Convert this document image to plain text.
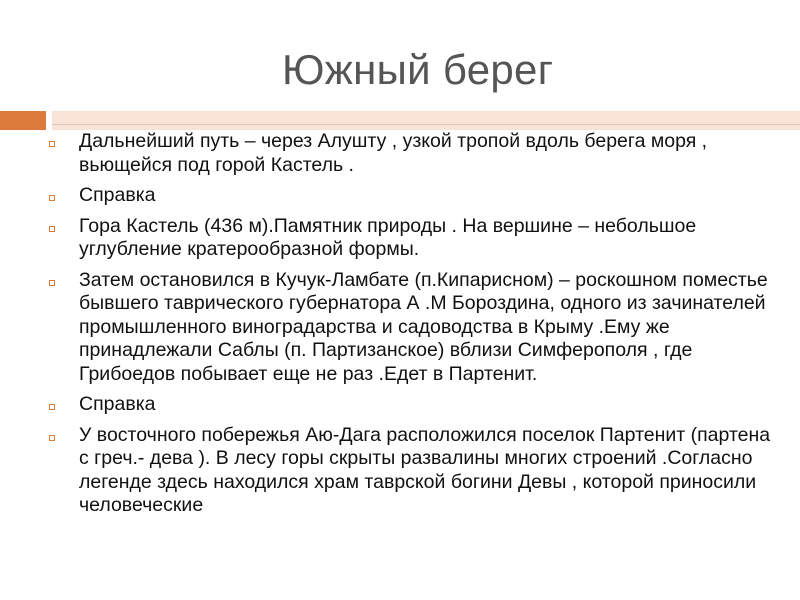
Южный берег
Дальнейший путь – через Алушту , узкой тропой вдоль берега моря , вьющейся под горой Кастель .
Справка
Гора Кастель (436 м).Памятник природы . На вершине – небольшое углубление кратерообразной формы.
Затем остановился в Кучук-Ламбате (п.Кипарисном) – роскошном поместье бывшего таврического губернатора А .М Бороздина, одного из зачинателей промышленного виноградарства и садоводства в Крыму .Ему же принадлежали Саблы (п. Партизанское) вблизи Симферополя , где Грибоедов побывает еще не раз .Едет в Партенит.
Справка
У восточного побережья Аю-Дага расположился поселок Партенит (партена с греч.- дева ). В лесу горы скрыты развалины многих строений .Согласно легенде здесь находился храм таврской богини Девы , которой приносили человеческие
